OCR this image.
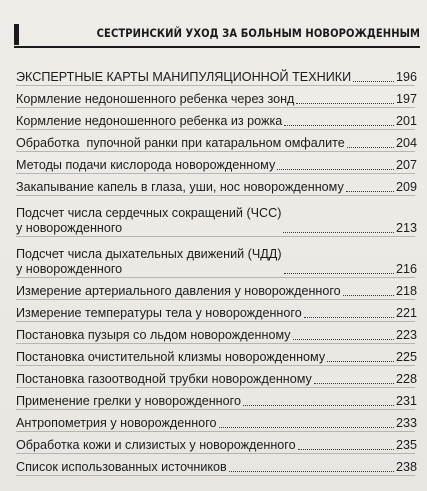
СЕСТРИНСКИЙ УХОД ЗА БОЛЬНЫМ НОВОРОЖДЕННЫМ
ЭКСПЕРТНЫЕ КАРТЫ МАНИПУЛЯЦИОННОЙ ТЕХНИКИ	196
Кормление недоношенного ребенка через зонд	197
Кормление недоношенного ребенка из рожка	201
Обработка  пупочной ранки при катаральном омфалите	204
Методы подачи кислорода новорожденному	207
Закапывание капель в глаза, уши, нос новорожденному	209
Подсчет числа сердечных сокращений (ЧСС)
у новорожденного	213
Подсчет числа дыхательных движений (ЧДД)
у новорожденного	216
Измерение артериального давления у новорожденного	218
Измерение температуры тела у новорожденного	221
Постановка пузыря со льдом новорожденному	223
Постановка очистительной клизмы новорожденному	225
Постановка газоотводной трубки новорожденному	228
Применение грелки у новорожденного	231
Антропометрия у новорожденного	233
Обработка кожи и слизистых у новорожденного	235
Список использованных источников	238
